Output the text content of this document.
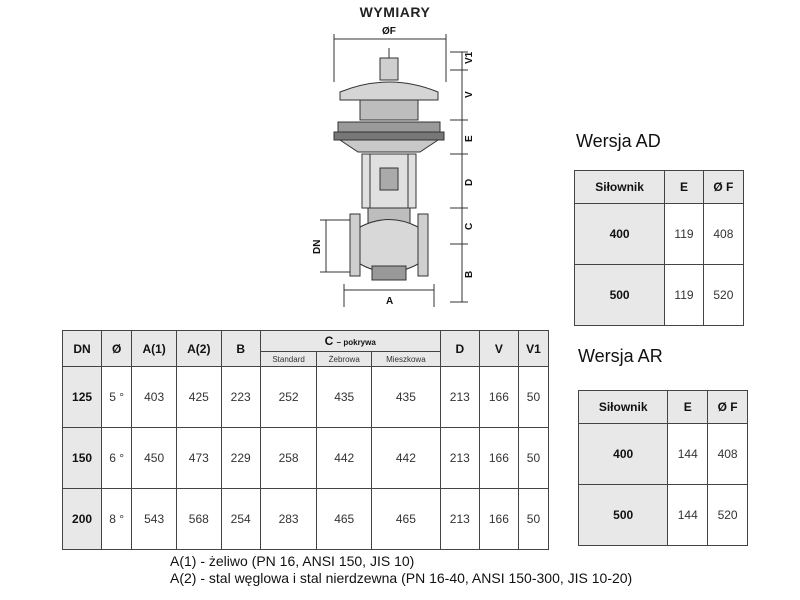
WYMIARY
ØF
V1
V
E
D
C
B
DN
A
DN	Ø	A(1)	A(2)	B	C – pokrywa			D	V	V1
					Standard	Żebrowa	Mieszkowa			
125	5 °	403	425	223	252	435	435	213	166	50
150	6 °	450	473	229	258	442	442	213	166	50
200	8 °	543	568	254	283	465	465	213	166	50
Wersja AD
Siłownik	E	Ø F
400	119	408
500	119	520
Wersja AR
Siłownik	E	Ø F
400	144	408
500	144	520
A(1) - żeliwo (PN 16, ANSI 150, JIS 10)
A(2) - stal węglowa i stal nierdzewna (PN 16-40, ANSI 150-300, JIS 10-20)
